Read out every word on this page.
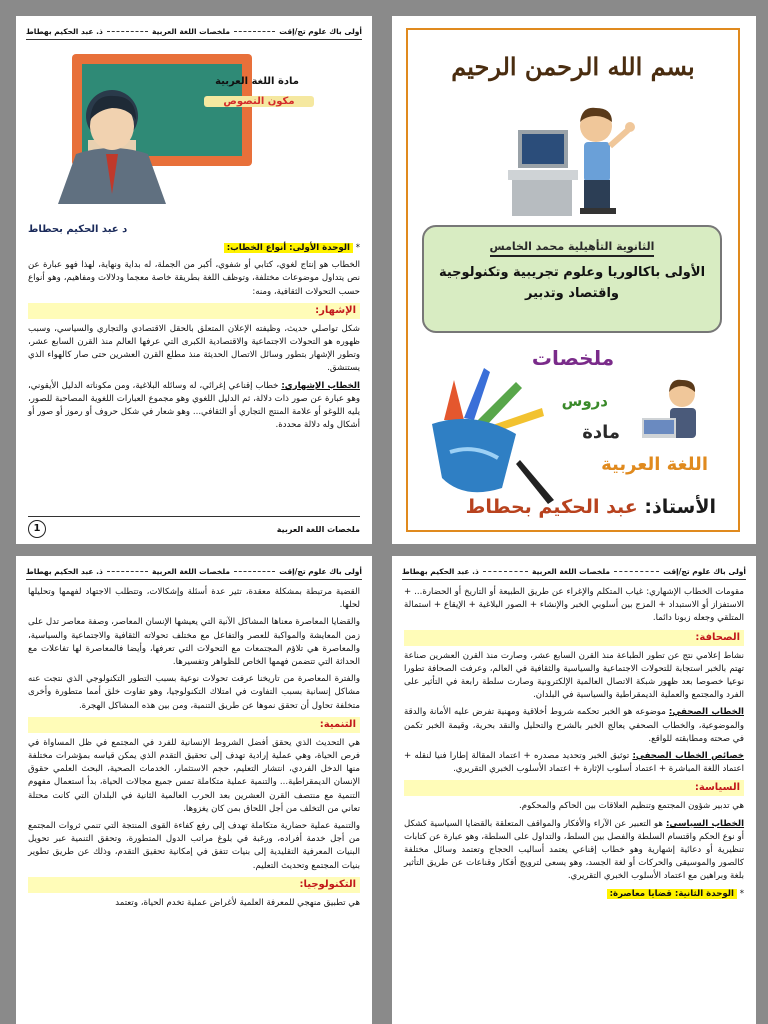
أولى باك علوم تج/إقت
ملخصات اللغة العربية
ذ. عبد الحكيم بهطاط
مادة اللغة العربية
مكون النصوص
د عبد الحكيم بحطاط

* الوحدة الأولى: أنواع الخطاب:

الخطاب هو إنتاج لغوي، كتابي أو شفوي، أكبر من الجملة، له بداية ونهاية، لهذا فهو عبارة عن نص يتداول موضوعات مختلفة، وتوظف اللغة بطريقة خاصة معجما ودلالات ومفاهيم، وهو أنواع حسب التحولات الثقافية، ومنه:

الإشهار:

شكل تواصلي حديث، وظيفته الإعلان المتعلق بالحقل الاقتصادي والتجاري والسياسي، وسبب ظهوره هو التحولات الاجتماعية والاقتصادية الكبرى التي عرفها العالم منذ القرن السابع عشر، وتطور الإشهار بتطور وسائل الاتصال الحديثة منذ مطلع القرن العشرين حتى صار كالهواء الذي يستنشق.

الخطاب الإشهاري: خطاب إقناعي إغرائي، له وسائله البلاغية، ومن مكوناته الدليل الأيقوني، وهو عبارة عن صور ذات دلالة، ثم الدليل اللغوي وهو مجموع العبارات اللغوية المصاحبة للصور، يليه اللوغو أو علامة المنتج التجاري أو الثقافي... وهو شعار في شكل حروف أو رموز أو صور أو أشكال وله دلالة محددة.

ملخصات اللغة العربية
1
بسم الله الرحمن الرحيم
الثانوية التأهيلية محمد الخامس
الأولى باكالوريا وعلوم تجريبية وتكنولوجية
واقتصاد وتدبير
ملخصات
دروس
مادة
اللغة العربية
الأستاذ: عبد الحكيم بحطاط
أولى باك علوم تج/إقت
ملخصات اللغة العربية
ذ. عبد الحكيم بهطاط

القضية مرتبطة بمشكلة معقدة، تثير عدة أسئلة وإشكالات، وتتطلب الاجتهاد لفهمها وتحليلها لحلها.

والقضايا المعاصرة معناها المشاكل الآنية التي يعيشها الإنسان المعاصر، وصفة معاصر تدل على زمن المعايشة والمواكبة للعصر والتفاعل مع مختلف تحولاته الثقافية والاجتماعية والسياسية، والمعاصرة هي تلاؤم المجتمعات مع التحولات التي تعرفها، وأيضا فالمعاصرة لها تفاعلات مع الحداثة التي تتضمن فهمها الخاص للظواهر وتفسيرها.

والفترة المعاصرة من تاريخنا عرفت تحولات نوعية بسبب التطور التكنولوجي الذي نتجت عنه مشاكل إنسانية بسبب التفاوت في امتلاك التكنولوجيا، وهو تفاوت خلق أمما متطورة وأخرى متخلفة تحاول أن تحقق نموها عن طريق التنمية، ومن بين هذه المشاكل الهجرة.

التنمية:

هي التحديث الذي يحقق أفضل الشروط الإنسانية للفرد في المجتمع في ظل المساواة في فرص الحياة، وهي عملية إرادية تهدف إلى تحقيق التقدم الذي يمكن قياسه بمؤشرات مختلفة منها الدخل الفردي، انتشار التعليم، حجم الاستثمار، الخدمات الصحية، البحث العلمي حقوق الإنسان الديمقراطية... والتنمية عملية متكاملة تمس جميع مجالات الحياة، بدأ استعمال مفهوم التنمية مع منتصف القرن العشرين بعد الحرب العالمية الثانية في البلدان التي كانت محتلة تعاني من التخلف من أجل اللحاق بمن كان يغزوها.

والتنمية عملية حضارية متكاملة تهدف إلى رفع كفاءة القوى المنتجة التي تنمي ثروات المجتمع من أجل خدمة أفراده، ورغبة في بلوغ مراتب الدول المتطورة، وتحقق التنمية عبر تحويل البنيات المعرفية التقليدية إلى بنيات تتفق في إمكانية تحقيق التقدم، وذلك عن طريق تطوير بنيات المجتمع وتحديث التعليم.

التكنولوجيا:

هي تطبيق منهجي للمعرفة العلمية لأغراض عملية تخدم الحياة، وتعتمد

أولى باك علوم تج/إقت
ملخصات اللغة العربية
ذ. عبد الحكيم بهطاط

مقومات الخطاب الإشهاري: غياب المتكلم والإغراء عن طريق الطبيعة أو التاريخ أو الحضارة... + الاستفزاز أو الاستبداد + المزج بين أسلوبي الخبر والإنشاء + الصور البلاغية + الإيقاع + استمالة المتلقي وجعله زبونا دائما.

الصحافة:

نشاط إعلامي نتج عن تطور الطباعة منذ القرن السابع عشر، وصارت منذ القرن العشرين صناعة تهتم بالخبر استجابة للتحولات الاجتماعية والسياسية والثقافية في العالم، وعرفت الصحافة تطورا نوعيا خصوصا بعد ظهور شبكة الاتصال العالمية الإلكترونية وصارت سلطة رابعة في التأثير على الفرد والمجتمع والعملية الديمقراطية والسياسية في البلدان.

الخطاب الصحفي: موضوعه هو الخبر تحكمه شروط أخلاقية ومهنية تفرض عليه الأمانة والدقة والموضوعية، والخطاب الصحفي يعالج الخبر بالشرح والتحليل والنقد بحرية، وقيمة الخبر تكمن في صحته ومطابقته للواقع.

خصائص الخطاب الصحفي: توثيق الخبر وتحديد مصدره + اعتماد المقالة إطارا فنيا لنقله + اعتماد اللغة المباشرة + اعتماد أسلوب الإثارة + اعتماد الأسلوب الخبري التقريري.

السياسة:

هي تدبير شؤون المجتمع وتنظيم العلاقات بين الحاكم والمحكوم.

الخطاب السياسي: هو التعبير عن الآراء والأفكار والمواقف المتعلقة بالقضايا السياسية كشكل أو نوع الحكم واقتسام السلطة والفصل بين السلط، والتداول على السلطة، وهو عبارة عن كتابات تنظيرية أو دعائية إشهارية وهو خطاب إقناعي يعتمد أساليب الحجاج وتعتمد وسائل مختلفة كالصور والموسيقى والحركات أو لغة الجسد، وهو يسعى لترويج أفكار وقناعات عن طريق التأثير بلغة وبراهين مع اعتماد الأسلوب الخبري التقريري.

* الوحدة الثانية: قضايا معاصرة:
